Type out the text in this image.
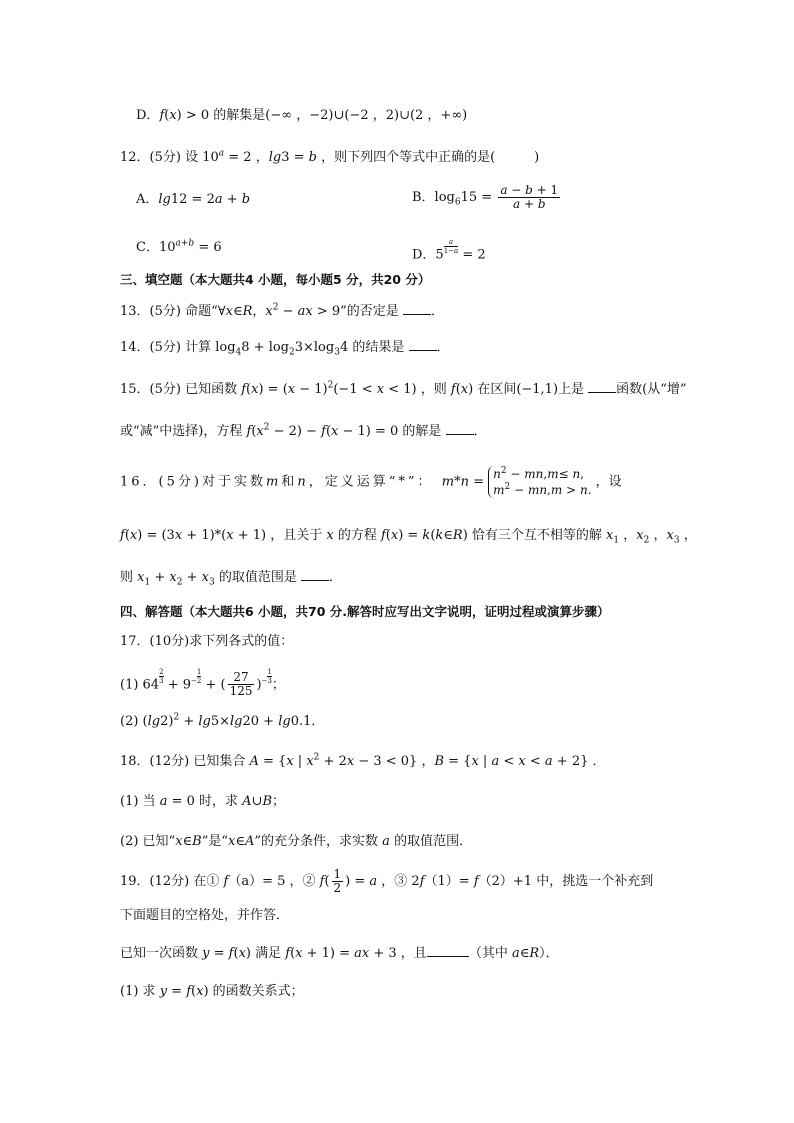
D．f(x) > 0 的解集是(−∞ ，−2)∪(−2 ，2)∪(2 ，+∞)
12．(5分) 设 $10^a = 2$ ，lg3 = b ，则下列四个等式中正确的是(　　　)
A．lg12 = 2a + b	B．$\log_615 = \frac{a - b + 1}{a + b}$
C．$10^{a+b} = 6$	D．$5 \frac{a}{1-a} = 2$
三、填空题（本大题共4 小题，每小题5 分，共20 分）
13．(5分) 命题“∀x∈R，$x^2$ − ax > 9”的否定是 ．
14．(5分) 计算 $\log_48 + \log_23\times\log_34$ 的结果是 ．
15．(5分) 已知函数 $f(x) = (x - 1)^2(-1 < x < 1)$ ，则 f(x) 在区间(−1,1)上是 函数(从“增”
或“减”中选择)，方程 $f(x^2 - 2) - f(x - 1) = 0$ 的解是 ．
16．(5分)对于实数m和n，定义运算“*”： $m*n = n^2 - mn,m\le n$,
$m^2 - mn,m > n$. ，设
f(x) = (3x + 1)*(x + 1) ，且关于 x 的方程 f(x) = k(k∈R) 恰有三个互不相等的解 $x_1$ ，$x_2$ ，$x_3$ ，
则 $x_1 + x_2 + x_3$ 的取值范围是 ．
四、解答题（本大题共6 小题，共70 分.解答时应写出文字说明，证明过程或演算步骤）
17．(10分)求下列各式的值：
(1) $64 \frac{2}{3} + 9- \frac{1}{2}$ + ( $\frac{27}{125}$ )− $\frac{1}{3}$；
(2) $(\lg 2)^2 + \lg 5\times\lg 20 + \lg 0.1$．
18．(12分) 已知集合 A = {x | $x^2 + 2x - 3 < 0$} ，B = {x | a < x < a + 2} ．
(1) 当 a = 0 时，求 A∪B；
(2) 已知“x∈B”是“x∈A”的充分条件，求实数 a 的取值范围．
19．(12分) 在① f（a）= 5 ，② $f( \frac{1}{2}$ ) = a ，③ 2f（1）= f（2）+1 中，挑选一个补充到
下面题目的空格处，并作答．
已知一次函数 y = f(x) 满足 f(x + 1) = ax + 3 ，且	（其中 a∈R）．
(1) 求 y = f(x) 的函数关系式；
